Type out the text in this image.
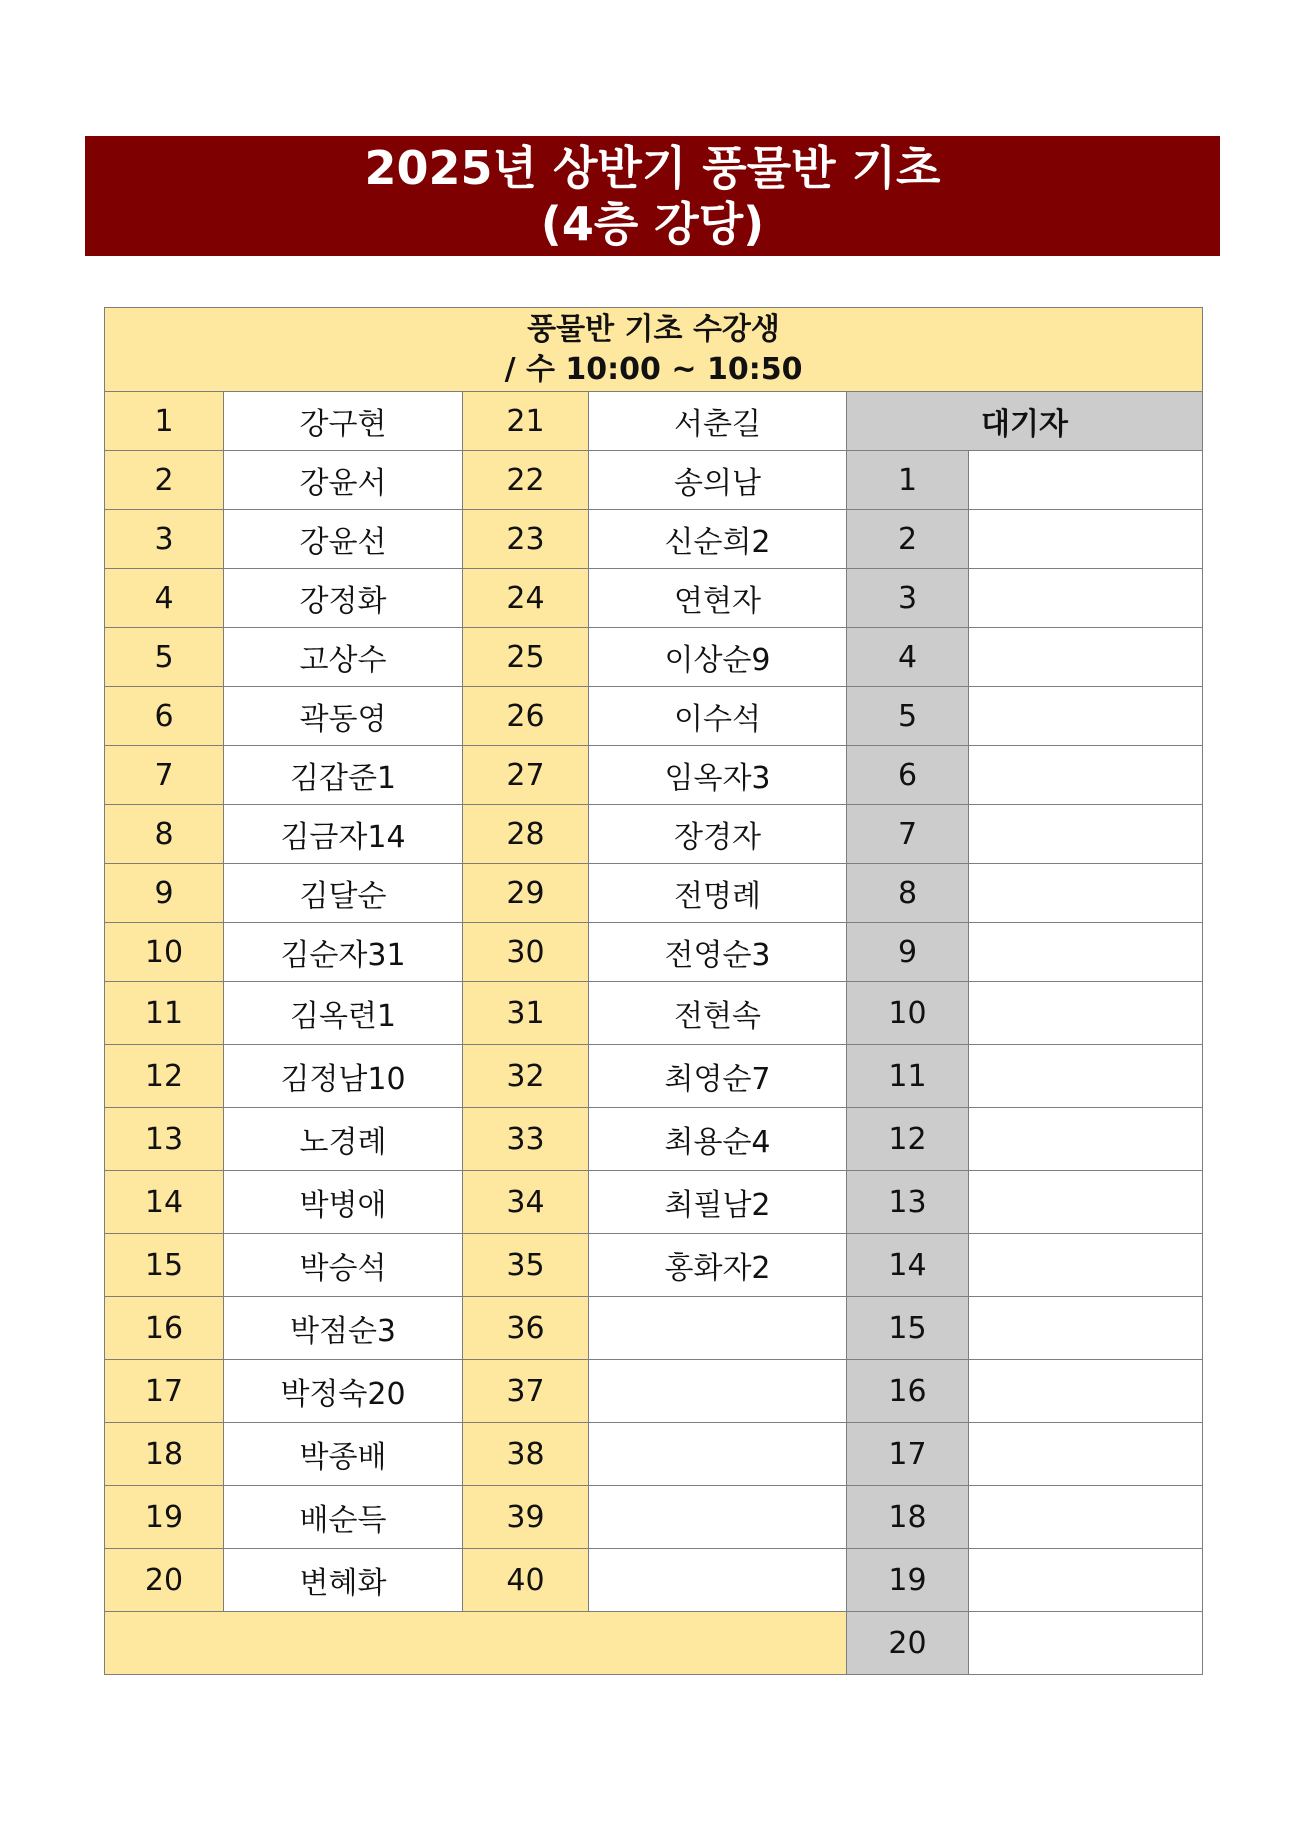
2025년 상반기 풍물반 기초
(4층 강당)
풍물반 기초 수강생
/ 수 10:00 ~ 10:50					

1	강구현	21	서춘길	대기자	
2	강윤서	22	송의남	1	
3	강윤선	23	신순희2	2	
4	강정화	24	연현자	3	
5	고상수	25	이상순9	4	
6	곽동영	26	이수석	5	
7	김갑준1	27	임옥자3	6	
8	김금자14	28	장경자	7	
9	김달순	29	전명례	8	
10	김순자31	30	전영순3	9	
11	김옥련1	31	전현속	10	
12	김정남10	32	최영순7	11	
13	노경례	33	최용순4	12	
14	박병애	34	최필남2	13	
15	박승석	35	홍화자2	14	
16	박점순3	36		15	
17	박정숙20	37		16	
18	박종배	38		17	
19	배순득	39		18	
20	변혜화	40		19	
				20	
